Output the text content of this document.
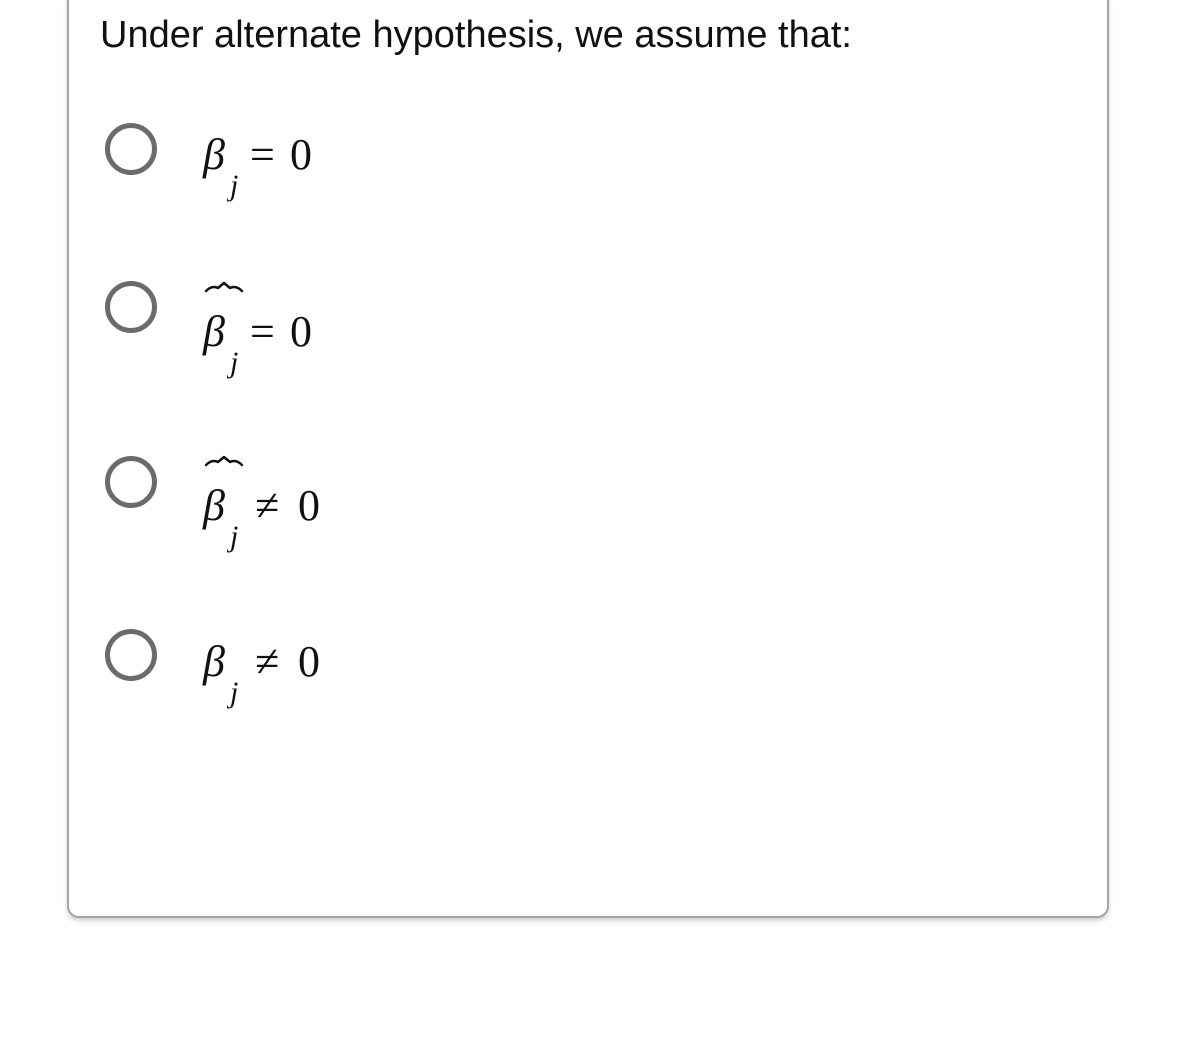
Under alternate hypothesis, we assume that:
β
j
= 0
β
j
= 0
β
j
≠ 0
β
j
≠ 0
